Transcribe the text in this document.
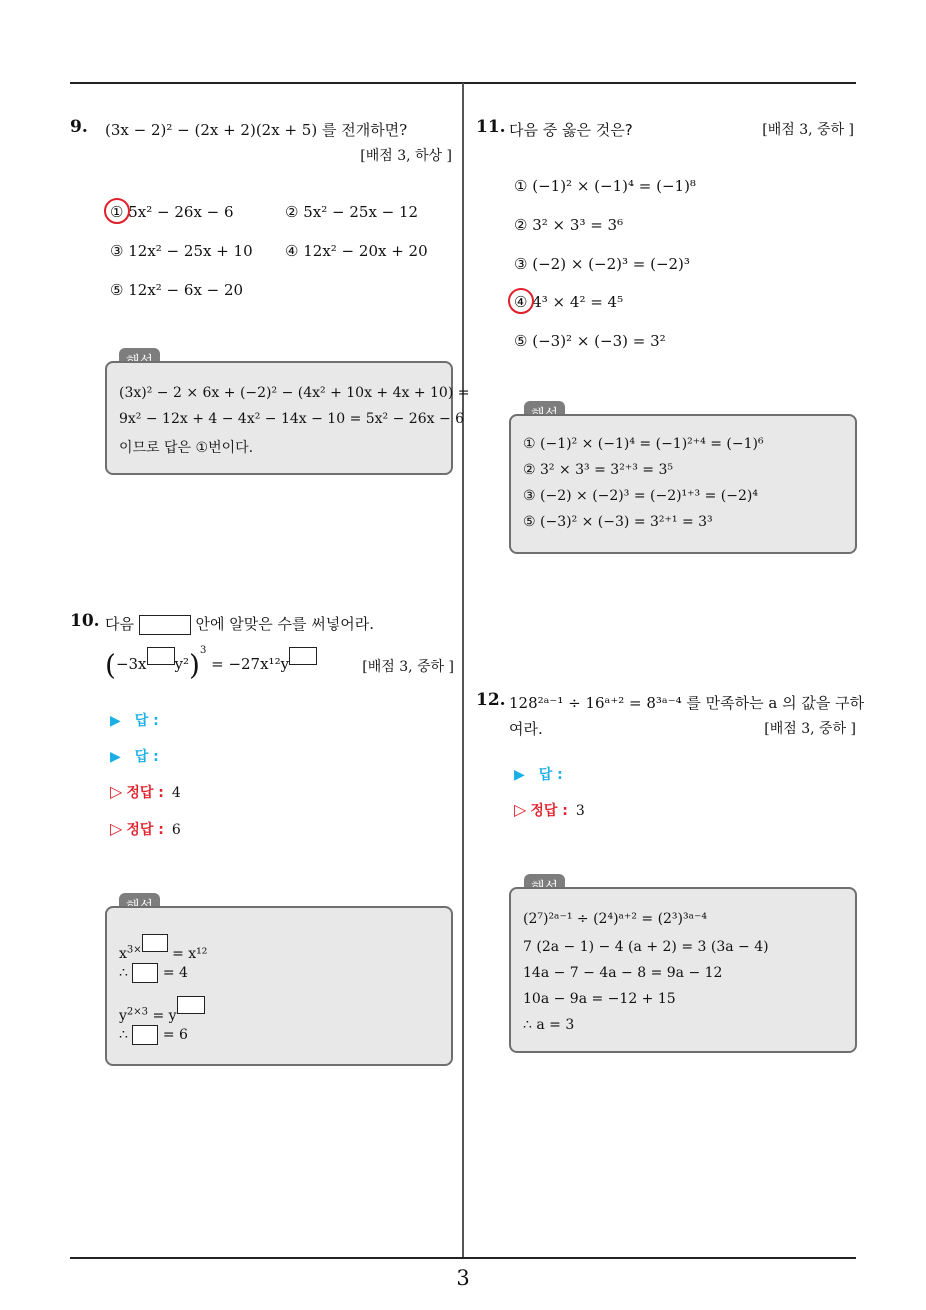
3
9. (3x − 2)² − (2x + 2)(2x + 5) 를 전개하면?
[배점 3, 하상 ]
① 5x² − 26x − 6	② 5x² − 25x − 12
③ 12x² − 25x + 10 ④ 12x² − 20x + 20
⑤ 12x² − 6x − 20
(3x)² − 2 × 6x + (−2)² − (4x² + 10x + 4x + 10) =
9x² − 12x + 4 − 4x² − 14x − 10 = 5x² − 26x − 6
이므로 답은 ①번이다.
10. 다음	안에 알맞은 수를 써넣어라.
(−3x y²)$^3$ = −27x¹²y	[배점 3, 중하 ]
▶ 답 :
▶ 답 :
▷ 정답 : 4
▷ 정답 : 6
$x^{3\times} = x^{12}$
∴ = 4
$y^{2\times 3} = y$
∴ = 6
11. 다음 중 옳은 것은?	[배점 3, 중하 ]
① (−1)² × (−1)⁴ = (−1)⁸
② 3² × 3³ = 3⁶
③ (−2) × (−2)³ = (−2)³
④ 4³ × 4² = 4⁵
⑤ (−3)² × (−3) = 3²
① (−1)² × (−1)⁴ = (−1)²⁺⁴ = (−1)⁶
② 3² × 3³ = 3²⁺³ = 3⁵
③ (−2) × (−2)³ = (−2)¹⁺³ = (−2)⁴
⑤ (−3)² × (−3) = 3²⁺¹ = 3³
12. 128²ᵃ⁻¹ ÷ 16ᵃ⁺² = 8³ᵃ⁻⁴ 를 만족하는 a 의 값을 구하
여라.	[배점 3, 중하 ]
▶ 답 :
▷ 정답 : 3
(2⁷)²ᵃ⁻¹ ÷ (2⁴)ᵃ⁺² = (2³)³ᵃ⁻⁴
7 (2a − 1) − 4 (a + 2) = 3 (3a − 4)
14a − 7 − 4a − 8 = 9a − 12
10a − 9a = −12 + 15
∴ a = 3
